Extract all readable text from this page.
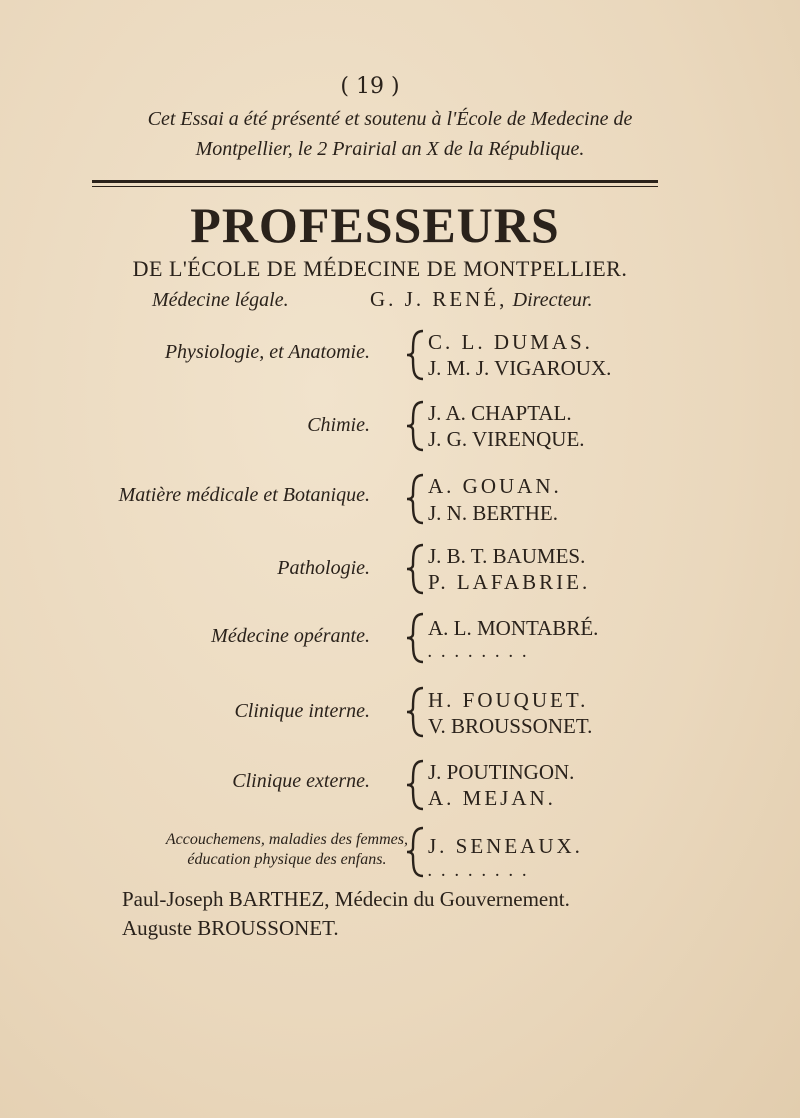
( 19 )
Cet Essai a été présenté et soutenu à l'École de Medecine de
Montpellier, le 2 Prairial an X de la République.
PROFESSEURS
DE L'ÉCOLE DE MÉDECINE DE MONTPELLIER.
Médecine légale.	G. J. RENÉ, Directeur.
Physiologie, et Anatomie.	C. L. DUMAS.
J. M. J. VIGAROUX.
Chimie.	J. A. CHAPTAL.
J. G. VIRENQUE.
Matière médicale et Botanique.	A. GOUAN.
J. N. BERTHE.
Pathologie.	J. B. T. BAUMES.
P. LAFABRIE.
Médecine opérante.	A. L. MONTABRÉ.
........
Clinique interne.	H. FOUQUET.
V. BROUSSONET.
Clinique externe.	J. POUTINGON.
A. MEJAN.
Accouchemens, maladies des femmes,
éducation physique des enfans.
J. SENEAUX.
........
Paul-Joseph BARTHEZ, Médecin du Gouvernement.
Auguste BROUSSONET.
